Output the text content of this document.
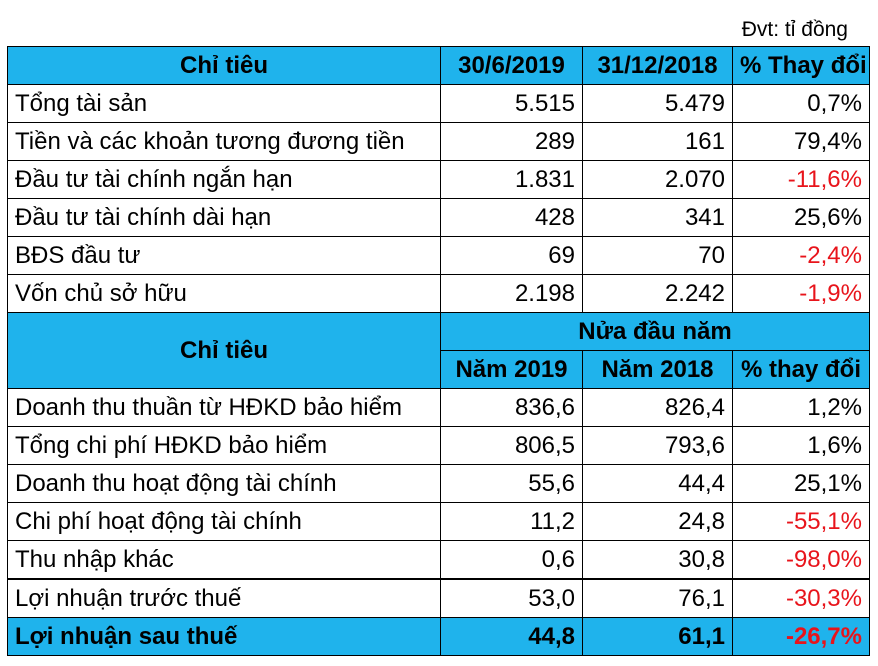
Đvt: tỉ đồng
Chỉ tiêu	30/6/2019	31/12/2018	% Thay đổi
Tổng tài sản	5.515	5.479	0,7%
Tiền và các khoản tương đương tiền	289	161	79,4%
Đầu tư tài chính ngắn hạn	1.831	2.070	-11,6%
Đầu tư tài chính dài hạn	428	341	25,6%
BĐS đầu tư	69	70	-2,4%
Vốn chủ sở hữu	2.198	2.242	-1,9%
Chỉ tiêu	Nửa đầu năm		
	Năm 2019	Năm 2018	% thay đổi
Doanh thu thuần từ HĐKD bảo hiểm	836,6	826,4	1,2%
Tổng chi phí HĐKD bảo hiểm	806,5	793,6	1,6%
Doanh thu hoạt động tài chính	55,6	44,4	25,1%
Chi phí hoạt động tài chính	11,2	24,8	-55,1%
Thu nhập khác	0,6	30,8	-98,0%
Lợi nhuận trước thuế	53,0	76,1	-30,3%
Lợi nhuận sau thuế	44,8	61,1	-26,7%
